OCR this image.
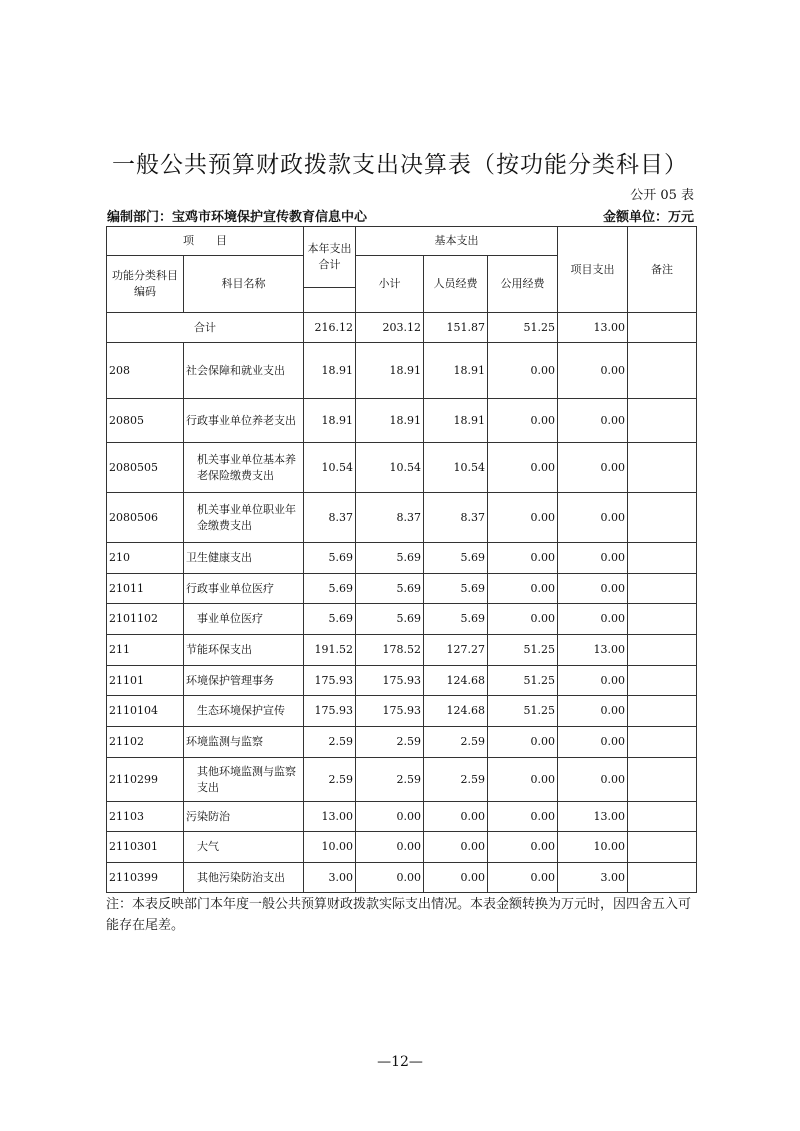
一般公共预算财政拨款支出决算表（按功能分类科目）
公开 05 表
编制部门：宝鸡市环境保护宣传教育信息中心	金额单位：万元
项　　目		本年支出合计	基本支出			项目支出	备注
功能分类科目编码	科目名称		小计	人员经费	公用经费		

合计		216.12	203.12	151.87	51.25	13.00	
208	社会保障和就业支出	18.91	18.91	18.91	0.00	0.00	
20805	行政事业单位养老支出	18.91	18.91	18.91	0.00	0.00	
2080505	机关事业单位基本养老保险缴费支出	10.54	10.54	10.54	0.00	0.00	
2080506	机关事业单位职业年金缴费支出	8.37	8.37	8.37	0.00	0.00	
210	卫生健康支出	5.69	5.69	5.69	0.00	0.00	
21011	行政事业单位医疗	5.69	5.69	5.69	0.00	0.00	
2101102	事业单位医疗	5.69	5.69	5.69	0.00	0.00	
211	节能环保支出	191.52	178.52	127.27	51.25	13.00	
21101	环境保护管理事务	175.93	175.93	124.68	51.25	0.00	
2110104	生态环境保护宣传	175.93	175.93	124.68	51.25	0.00	
21102	环境监测与监察	2.59	2.59	2.59	0.00	0.00	
2110299	其他环境监测与监察支出	2.59	2.59	2.59	0.00	0.00	
21103	污染防治	13.00	0.00	0.00	0.00	13.00	
2110301	大气	10.00	0.00	0.00	0.00	10.00	
2110399	其他污染防治支出	3.00	0.00	0.00	0.00	3.00	
注：本表反映部门本年度一般公共预算财政拨款实际支出情况。本表金额转换为万元时，因四舍五入可能存在尾差。
—12—
